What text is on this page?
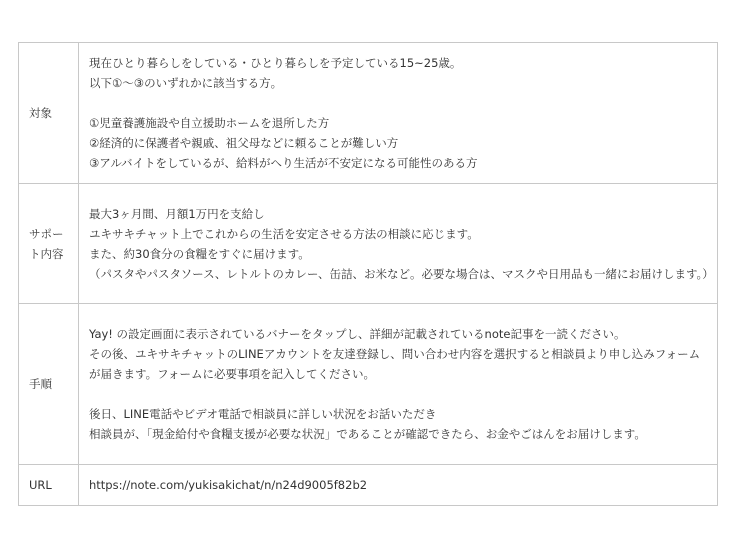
対象	現在ひとり暮らしをしている・ひとり暮らしを予定している15~25歳。
以下①〜③のいずれかに該当する方。
①児童養護施設や自立援助ホームを退所した方
②経済的に保護者や親戚、祖父母などに頼ることが難しい方
③アルバイトをしているが、給料がへり生活が不安定になる可能性のある方

サポート内容	最大3ヶ月間、月額1万円を支給し
ユキサキチャット上でこれからの生活を安定させる方法の相談に応じます。
また、約30食分の食糧をすぐに届けます。
（パスタやパスタソース、レトルトのカレー、缶詰、お米など。必要な場合は、マスクや日用品も一緒にお届けします。）

手順	Yay! の設定画面に表示されているバナーをタップし、詳細が記載されているnote記事を一読ください。
その後、ユキサキチャットのLINEアカウントを友達登録し、問い合わせ内容を選択すると相談員より申し込みフォームが届きます。フォームに必要事項を記入してください。
後日、LINE電話やビデオ電話で相談員に詳しい状況をお話いただき
相談員が、「現金給付や食糧支援が必要な状況」であることが確認できたら、お金やごはんをお届けします。

URL	https://note.com/yukisakichat/n/n24d9005f82b2
